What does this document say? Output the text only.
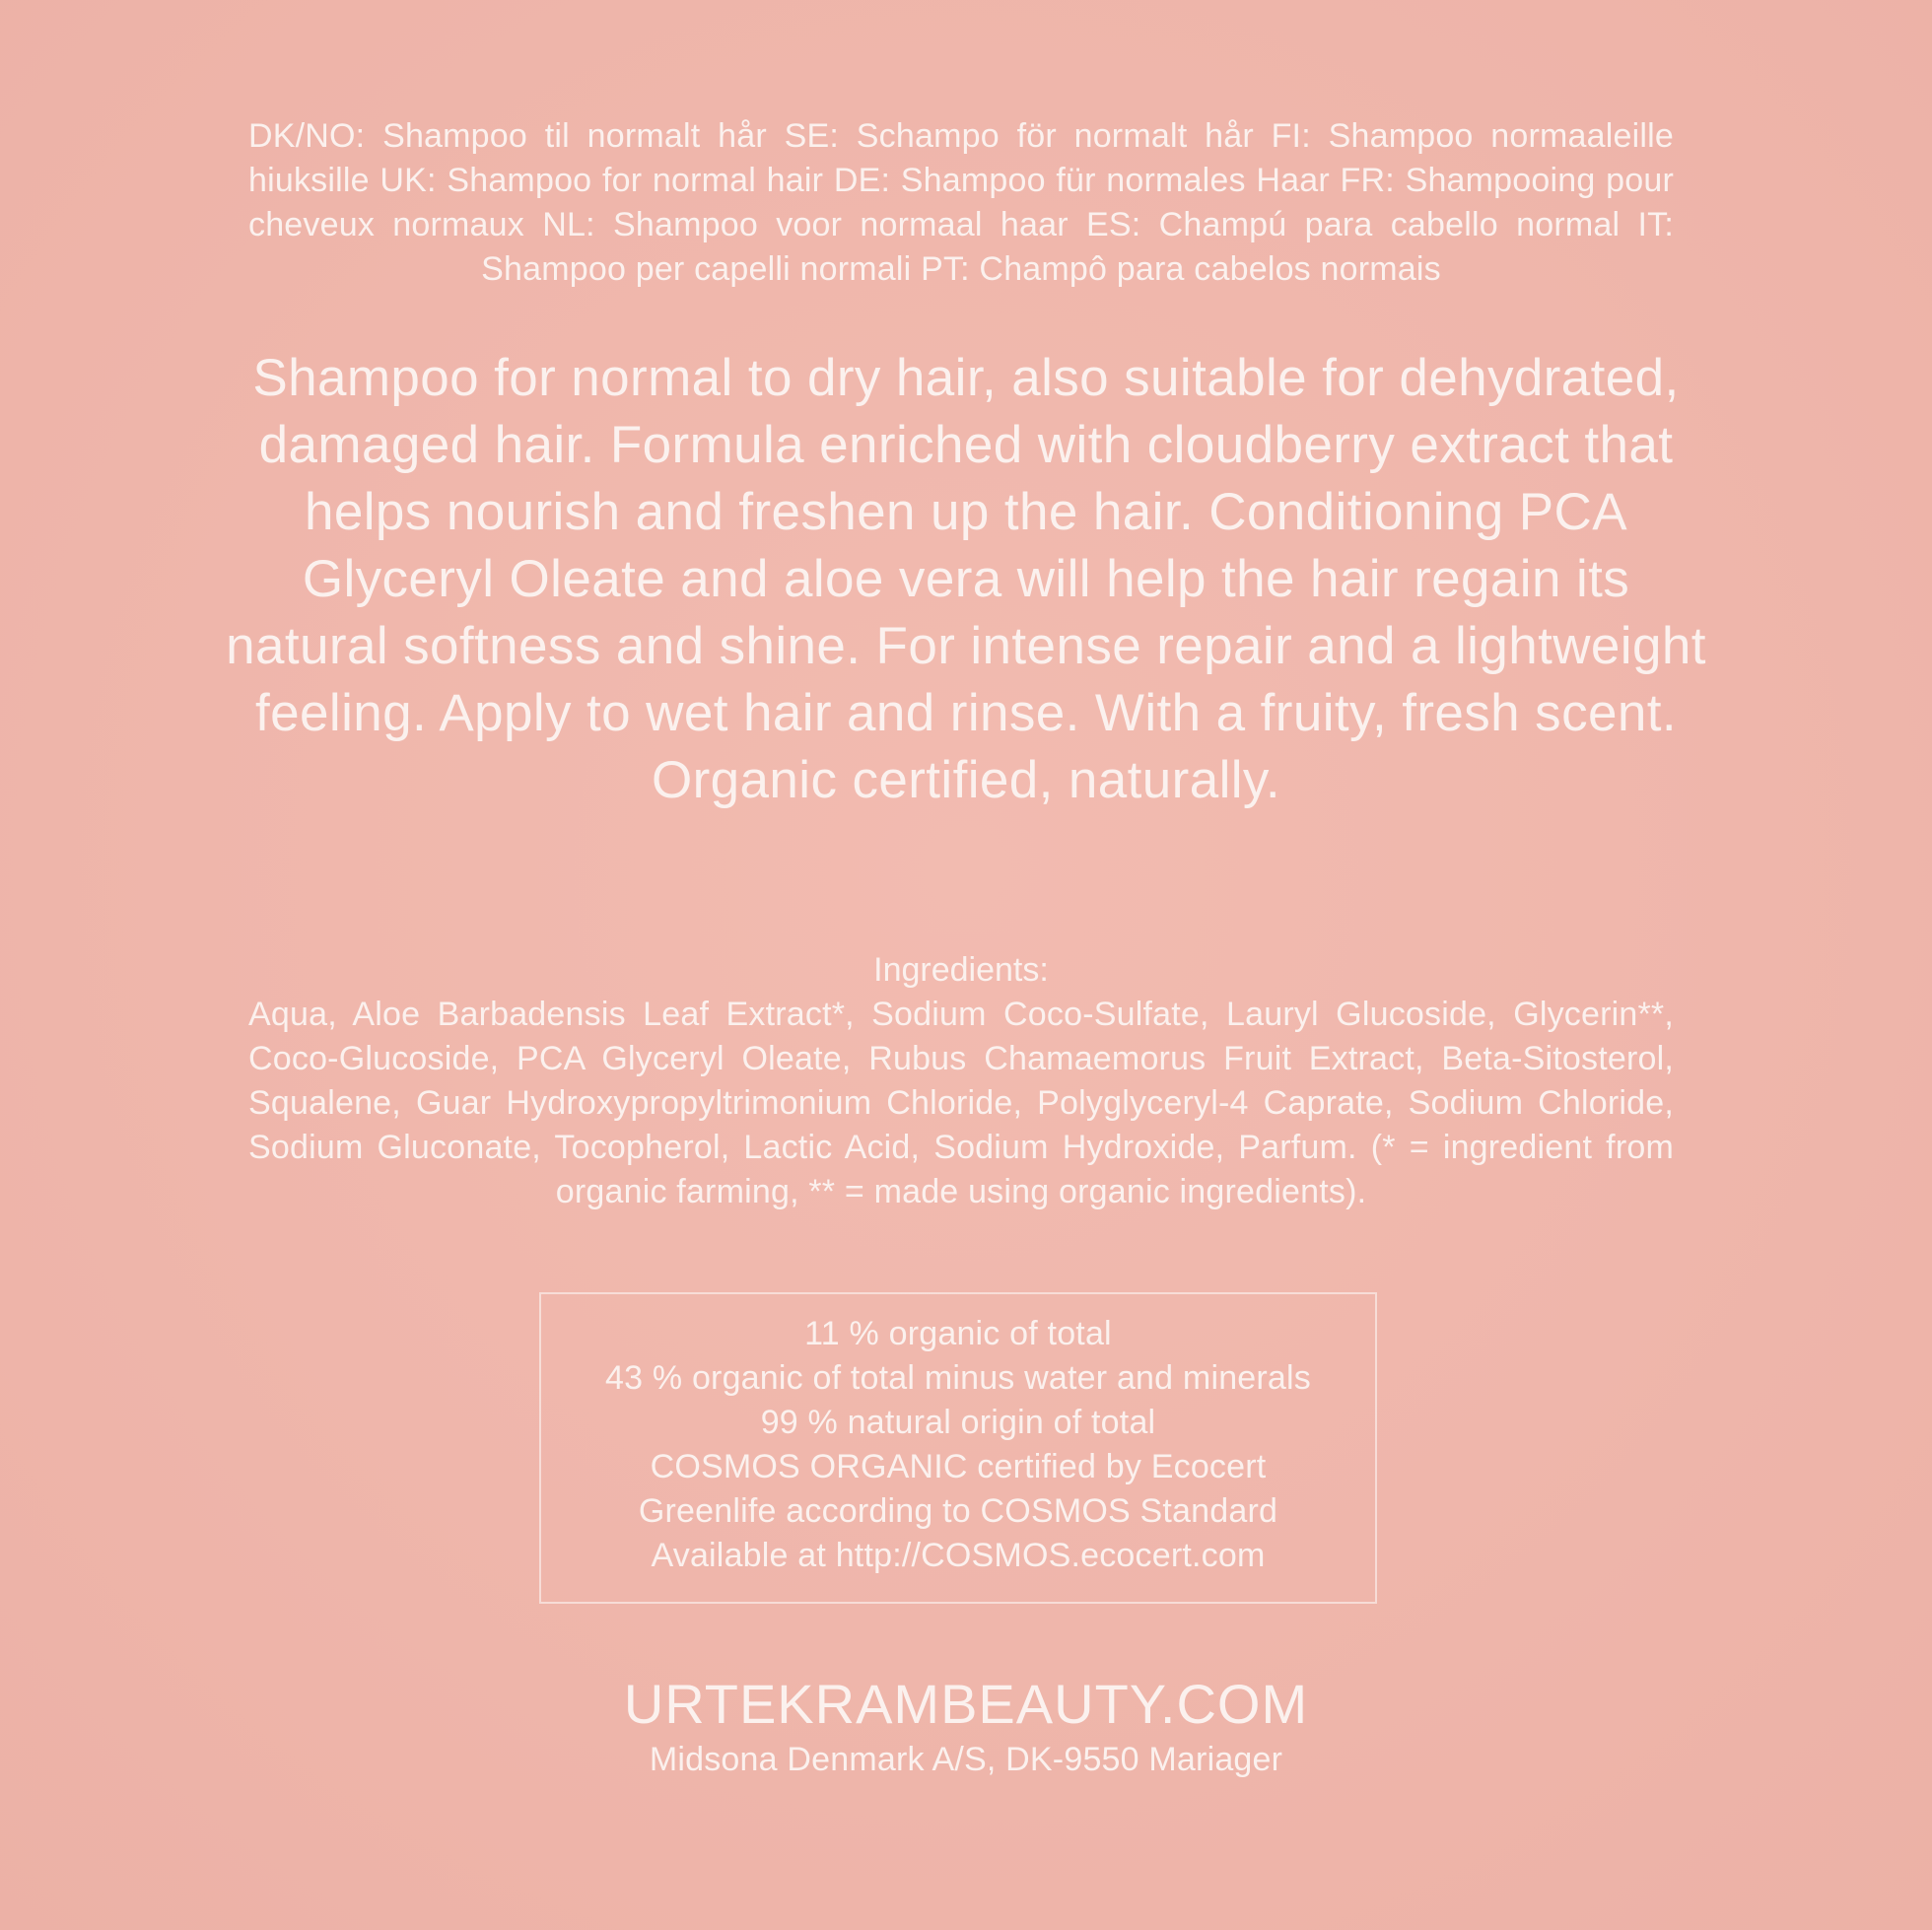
DK/NO: Shampoo til normalt hår SE: Schampo för normalt hår FI: Shampoo normaaleille hiuksille UK: Shampoo for normal hair DE: Shampoo für normales Haar FR: Shampooing pour cheveux normaux NL: Shampoo voor normaal haar ES: Champú para cabello normal IT: Shampoo per capelli normali PT: Champô para cabelos normais
Shampoo for normal to dry hair, also suitable for dehydrated, damaged hair. Formula enriched with cloudberry extract that helps nourish and freshen up the hair. Conditioning PCA Glyceryl Oleate and aloe vera will help the hair regain its natural softness and shine. For intense repair and a lightweight feeling. Apply to wet hair and rinse. With a fruity, fresh scent. Organic certified, naturally.
Ingredients:
Aqua, Aloe Barbadensis Leaf Extract*, Sodium Coco-Sulfate, Lauryl Glucoside, Glycerin**, Coco-Glucoside, PCA Glyceryl Oleate, Rubus Chamaemorus Fruit Extract, Beta-Sitosterol, Squalene, Guar Hydroxypropyltrimonium Chloride, Polyglyceryl-4 Caprate, Sodium Chloride, Sodium Gluconate, Tocopherol, Lactic Acid, Sodium Hydroxide, Parfum. (* = ingredient from organic farming, ** = made using organic ingredients).
11 % organic of total
43 % organic of total minus water and minerals
99 % natural origin of total
COSMOS ORGANIC certified by Ecocert
Greenlife according to COSMOS Standard
Available at http://COSMOS.ecocert.com
URTEKRAMBEAUTY.COM
Midsona Denmark A/S, DK-9550 Mariager
